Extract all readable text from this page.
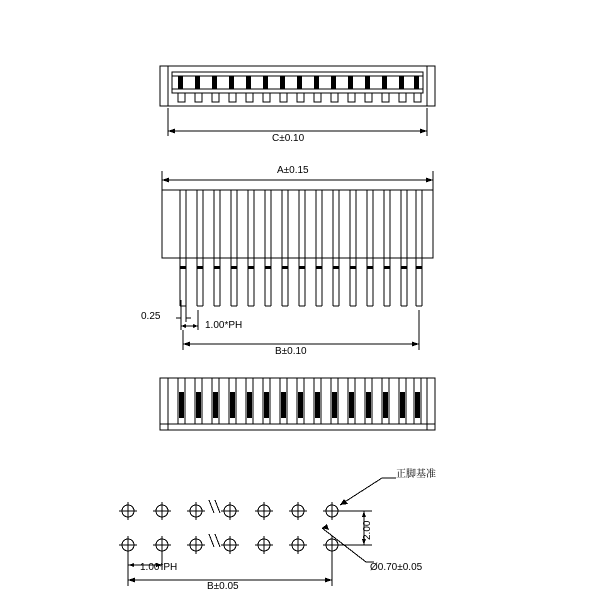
C±0.10
A±0.15
0.25
1.00*PH
B±0.10
正脚基准
2.00
Ø0.70±0.05
1.00*PH
B±0.05
